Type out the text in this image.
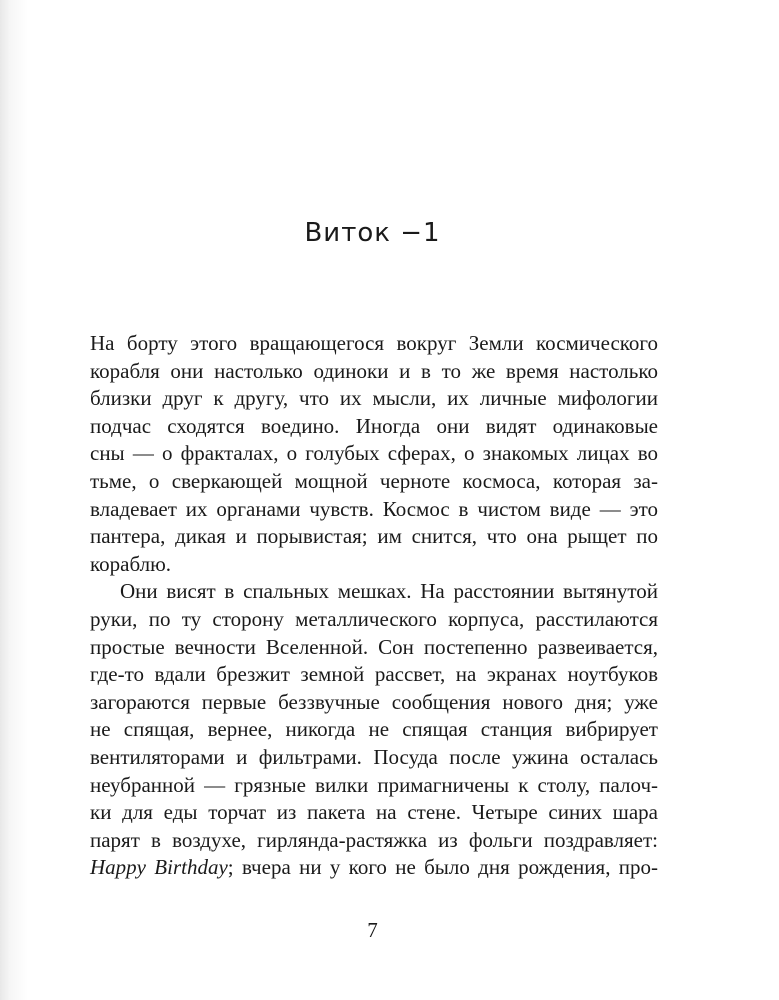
Виток −1
На борту этого вращающегося вокруг Земли космического
корабля они настолько одиноки и в то же время настолько
близки друг к другу, что их мысли, их личные мифологии
подчас сходятся воедино. Иногда они видят одинаковые
сны — о фракталах, о голубых сферах, о знакомых лицах во
тьме, о сверкающей мощной черноте космоса, которая за-
владевает их органами чувств. Космос в чистом виде — это
пантера, дикая и порывистая; им снится, что она рыщет по
кораблю.
Они висят в спальных мешках. На расстоянии вытянутой
руки, по ту сторону металлического корпуса, расстилаются
простые вечности Вселенной. Сон постепенно развеивается,
где-то вдали брезжит земной рассвет, на экранах ноутбуков
загораются первые беззвучные сообщения нового дня; уже
не спящая, вернее, никогда не спящая станция вибрирует
вентиляторами и фильтрами. Посуда после ужина осталась
неубранной — грязные вилки примагничены к столу, палоч-
ки для еды торчат из пакета на стене. Четыре синих шара
парят в воздухе, гирлянда-растяжка из фольги поздравляет:
Happy Birthday; вчера ни у кого не было дня рождения, про-
7
